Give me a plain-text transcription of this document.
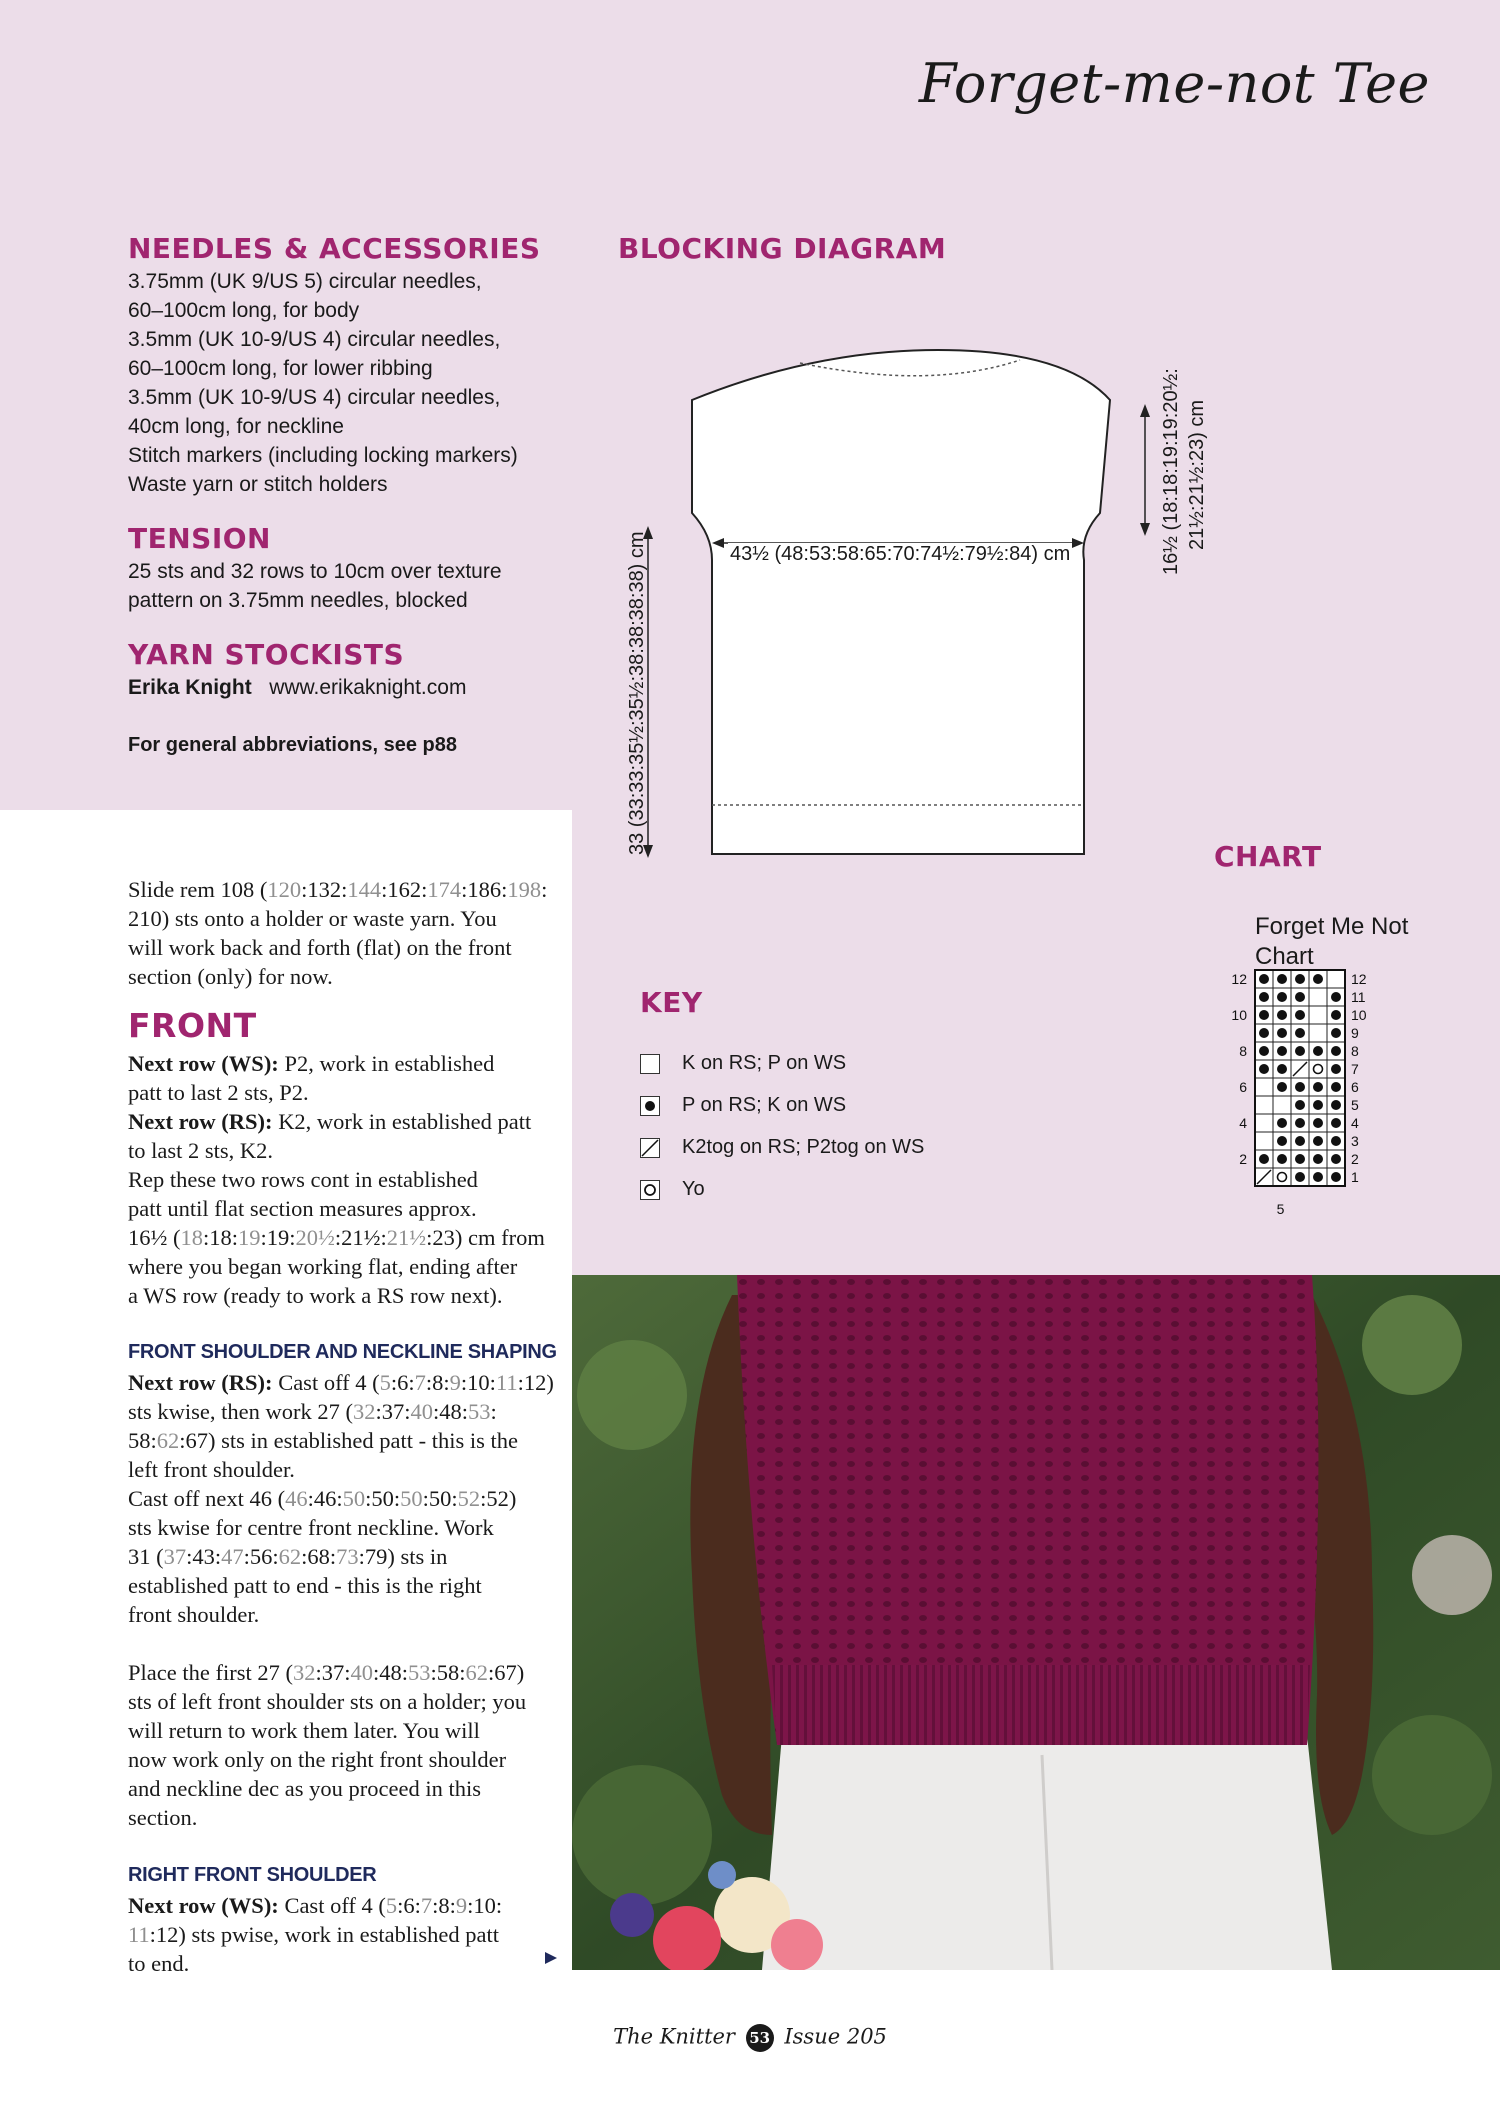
Forget-me-not Tee
NEEDLES & ACCESSORIES
3.75mm (UK 9/US 5) circular needles,
60–100cm long, for body
3.5mm (UK 10-9/US 4) circular needles,
60–100cm long, for lower ribbing
3.5mm (UK 10-9/US 4) circular needles,
40cm long, for neckline
Stitch markers (including locking markers)
Waste yarn or stitch holders
TENSION
25 sts and 32 rows to 10cm over texture
pattern on 3.75mm needles, blocked
YARN STOCKISTS
Erika Knight www.erikaknight.com
For general abbreviations, see p88
BLOCKING DIAGRAM
43½ (48:53:58:65:70:74½:79½:84) cm
33 (33:33:35½:35½:38:38:38:38) cm
16½ (18:18:19:19:20½: 21½:21½:23) cm
KEY
K on RS; P on WS
P on RS; K on WS
K2tog on RS; P2tog on WS
Yo
CHART
Forget Me Not
Chart
12
11
10
9
8
7
6
5
4
3
2
1
12
10
8
6
4
2
5
Slide rem 108 (120:132:144:162:174:186:198:
210) sts onto a holder or waste yarn. You
will work back and forth (flat) on the front
section (only) for now.
FRONT
Next row (WS): P2, work in established
patt to last 2 sts, P2.
Next row (RS): K2, work in established patt
to last 2 sts, K2.
Rep these two rows cont in established
patt until flat section measures approx.
16½ (18:18:19:19:20½:21½:21½:23) cm from
where you began working flat, ending after
a WS row (ready to work a RS row next).
FRONT SHOULDER AND NECKLINE SHAPING
Next row (RS): Cast off 4 (5:6:7:8:9:10:11:12)
sts kwise, then work 27 (32:37:40:48:53:
58:62:67) sts in established patt - this is the
left front shoulder.
Cast off next 46 (46:46:50:50:50:50:52:52)
sts kwise for centre front neckline. Work
31 (37:43:47:56:62:68:73:79) sts in
established patt to end - this is the right
front shoulder.

Place the first 27 (32:37:40:48:53:58:62:67)
sts of left front shoulder sts on a holder; you
will return to work them later. You will
now work only on the right front shoulder
and neckline dec as you proceed in this
section.
RIGHT FRONT SHOULDER
Next row (WS): Cast off 4 (5:6:7:8:9:10:
11:12) sts pwise, work in established patt
to end.
The Knitter 53 Issue 205
